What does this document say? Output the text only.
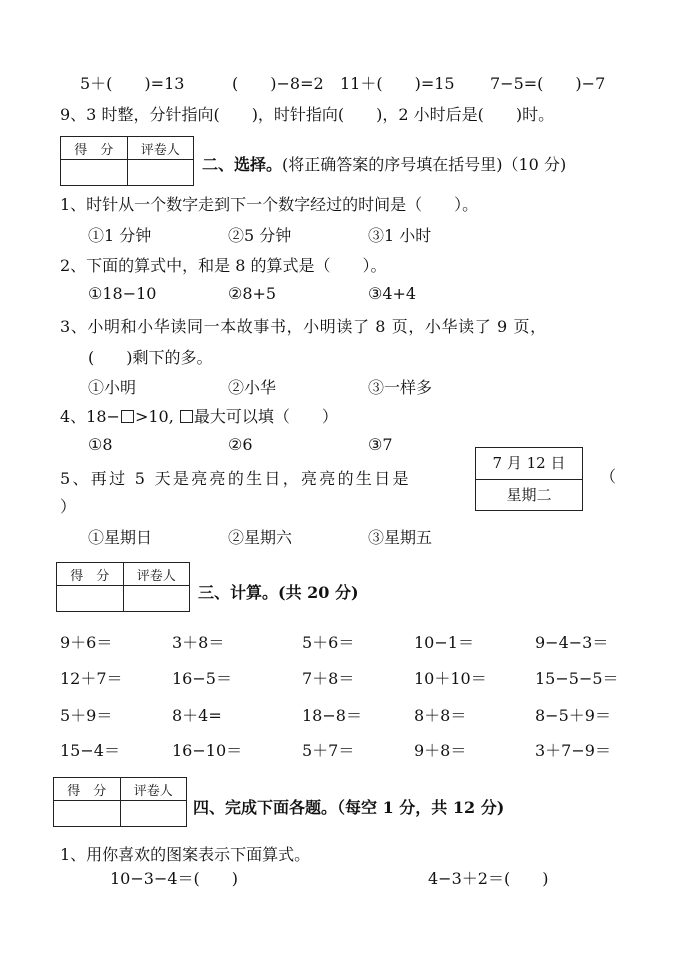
5＋(　　)=13	(　　)−8=2 11＋(　　)=15 7−5=(　　)−7
9、3 时整，分针指向(　　)，时针指向(　　)，2 小时后是(　　)时。
得　分	评卷人

二、选择。(将正确答案的序号填在括号里)（10 分)
1、时针从一个数字走到下一个数字经过的时间是（　　）。
①1 分钟	②5 分钟	③1 小时
2、下面的算式中，和是 8 的算式是（　　）。
①18−10	②8+5	③4+4
3、小明和小华读同一本故事书，小明读了 8 页，小华读了 9 页，
(　　)剩下的多。
①小明	②小华	③一样多
4、18− >10, 最大可以填（　　）
①8	②6	③7
5、再过 5 天是亮亮的生日，亮亮的生日是
7 月 12 日
星期二
（
）
①星期日	②星期六	③星期五
得　分	评卷人

三、计算。(共 20 分)
9＋6＝	3＋8＝	5＋6＝	10−1＝	9−4−3＝
12＋7＝	16−5＝	7＋8＝	10＋10＝	15−5−5＝
5＋9＝	8＋4=	18−8＝	8＋8＝	8−5＋9＝
15−4＝	16−10＝	5＋7＝	9＋8＝	3＋7−9＝
得　分	评卷人

四、完成下面各题。（每空 1 分，共 12 分)
1、用你喜欢的图案表示下面算式。
10−3−4＝(　　)	4−3＋2＝(　　)
